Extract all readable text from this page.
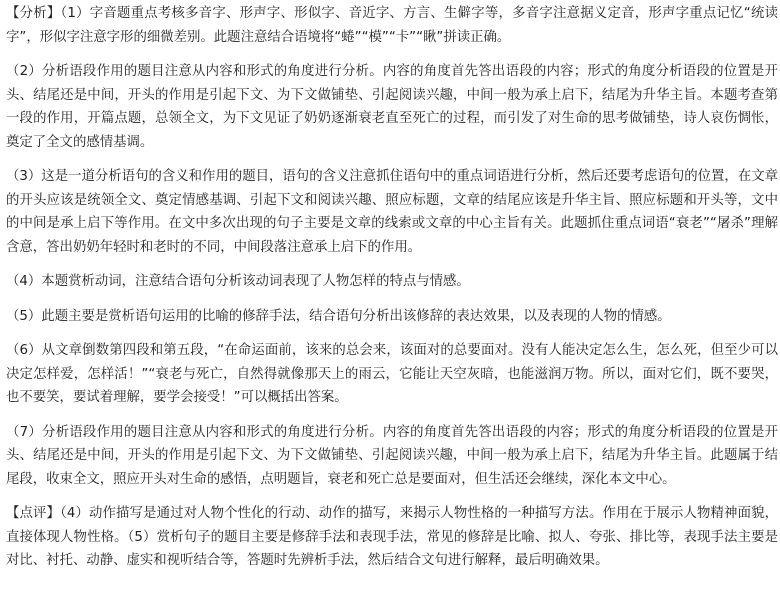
【分析】（1）字音题重点考核多音字、形声字、形似字、音近字、方言、生僻字等，多音字注意据义定音，形声字重点记忆“统读字”，形似字注意字形的细微差别。此题注意结合语境将“蜷”“模”“卡”“瞅”拼读正确。

（2）分析语段作用的题目注意从内容和形式的角度进行分析。内容的角度首先答出语段的内容；形式的角度分析语段的位置是开头、结尾还是中间，开头的作用是引起下文、为下文做铺垫、引起阅读兴趣，中间一般为承上启下，结尾为升华主旨。本题考查第一段的作用，开篇点题，总领全文，为下文见证了奶奶逐渐衰老直至死亡的过程，而引发了对生命的思考做铺垫，诗人哀伤惆怅，奠定了全文的感情基调。

（3）这是一道分析语句的含义和作用的题目，语句的含义注意抓住语句中的重点词语进行分析，然后还要考虑语句的位置，在文章的开头应该是统领全文、奠定情感基调、引起下文和阅读兴趣、照应标题，文章的结尾应该是升华主旨、照应标题和开头等，文中的中间是承上启下等作用。在文中多次出现的句子主要是文章的线索或文章的中心主旨有关。此题抓住重点词语“衰老”“屠杀”理解含意，答出奶奶年轻时和老时的不同，中间段落注意承上启下的作用。

（4）本题赏析动词，注意结合语句分析该动词表现了人物怎样的特点与情感。

（5）此题主要是赏析语句运用的比喻的修辞手法，结合语句分析出该修辞的表达效果，以及表现的人物的情感。

（6）从文章倒数第四段和第五段，“在命运面前，该来的总会来，该面对的总要面对。没有人能决定怎么生，怎么死，但至少可以决定怎样爱，怎样活！”“衰老与死亡，自然得就像那天上的雨云，它能让天空灰暗，也能滋润万物。所以，面对它们，既不要哭，也不要笑，要试着理解，要学会接受！”可以概括出答案。

（7）分析语段作用的题目注意从内容和形式的角度进行分析。内容的角度首先答出语段的内容；形式的角度分析语段的位置是开头、结尾还是中间，开头的作用是引起下文、为下文做铺垫、引起阅读兴趣，中间一般为承上启下，结尾为升华主旨。此题属于结尾段，收束全文，照应开头对生命的感悟，点明题旨，衰老和死亡总是要面对，但生活还会继续，深化本文中心。

【点评】（4）动作描写是通过对人物个性化的行动、动作的描写，来揭示人物性格的一种描写方法。作用在于展示人物精神面貌，直接体现人物性格。（5）赏析句子的题目主要是修辞手法和表现手法，常见的修辞是比喻、拟人、夸张、排比等，表现手法主要是对比、衬托、动静、虚实和视听结合等，答题时先辨析手法，然后结合文句进行解释，最后明确效果。
